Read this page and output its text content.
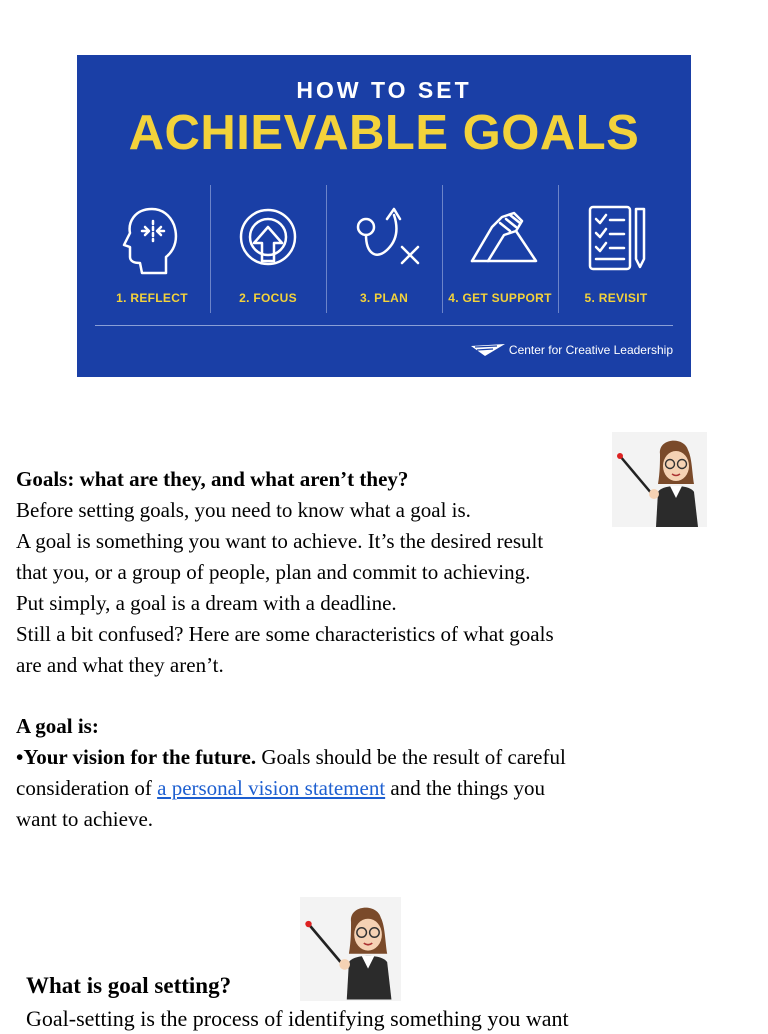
HOW TO SET
ACHIEVABLE GOALS
1. REFLECT	2. FOCUS	3. PLAN	4. GET SUPPORT	5. REVISIT
Center for Creative Leadership
Goals: what are they, and what aren’t they?
Before setting goals, you need to know what a goal is.
A goal is something you want to achieve. It’s the desired result
that you, or a group of people, plan and commit to achieving.
Put simply, a goal is a dream with a deadline.
Still a bit confused? Here are some characteristics of what goals
are and what they aren’t.
A goal is:
•Your vision for the future. Goals should be the result of careful
consideration of a personal vision statement and the things you
want to achieve.
What is goal setting?
Goal-setting is the process of identifying something you want
